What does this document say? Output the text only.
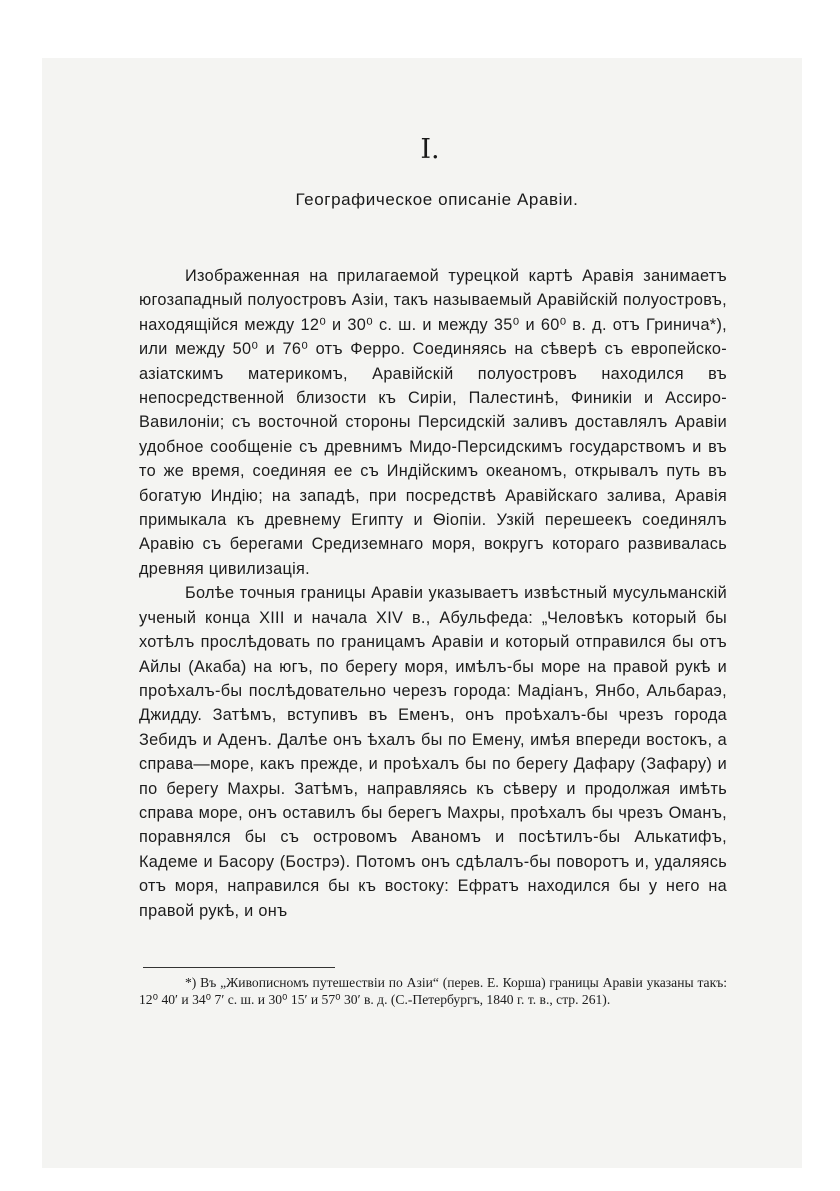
I.
Географическое описаніе Аравіи.

Изображенная на прилагаемой турецкой картѣ Аравія занимаетъ югозападный полуостровъ Азіи, такъ называемый Аравійскій полуостровъ, находящійся между 12⁰ и 30⁰ с. ш. и между 35⁰ и 60⁰ в. д. отъ Гринича*), или между 50⁰ и 76⁰ отъ Ферро. Соединяясь на сѣверѣ съ европейско-азіатскимъ материкомъ, Аравійскій полуостровъ находился въ непосредственной близости къ Сиріи, Палестинѣ, Финикіи и Ассиро-Вавилоніи; съ восточной стороны Персидскій заливъ доставлялъ Аравіи удобное сообщеніе съ древнимъ Мидо-Персидскимъ государствомъ и въ то же время, соединяя ее съ Индійскимъ океаномъ, открывалъ путь въ богатую Индію; на западѣ, при посредствѣ Аравійскаго залива, Аравія примыкала къ древнему Египту и Ѳіопіи. Узкій перешеекъ соединялъ Аравію съ берегами Средиземнаго моря, вокругъ котораго развивалась древняя цивилизація.

Болѣе точныя границы Аравіи указываетъ извѣстный мусульманскій ученый конца XIII и начала XIV в., Абульфеда: „Человѣкъ который бы хотѣлъ прослѣдовать по границамъ Аравіи и который отправился бы отъ Айлы (Акаба) на югъ, по берегу моря, имѣлъ-бы море на правой рукѣ и проѣхалъ-бы послѣдовательно черезъ города: Мадіанъ, Янбо, Альбараэ, Джидду. Затѣмъ, вступивъ въ Еменъ, онъ проѣхалъ-бы чрезъ города Зебидъ и Аденъ. Далѣе онъ ѣхалъ бы по Емену, имѣя впереди востокъ, а справа—море, какъ прежде, и проѣхалъ бы по берегу Дафару (Зафару) и по берегу Махры. Затѣмъ, направляясь къ сѣверу и продолжая имѣть справа море, онъ оставилъ бы берегъ Махры, проѣхалъ бы чрезъ Оманъ, поравнялся бы съ островомъ Аваномъ и посѣтилъ-бы Алькатифъ, Кадеме и Басору (Бострэ). Потомъ онъ сдѣлалъ-бы поворотъ и, удаляясь отъ моря, направился бы къ востоку: Ефратъ находился бы у него на правой рукѣ, и онъ

*) Въ „Живописномъ путешествіи по Азіи“ (перев. Е. Корша) границы Аравіи указаны такъ: 12⁰ 40′ и 34⁰ 7′ с. ш. и 30⁰ 15′ и 57⁰ 30′ в. д. (С.-Петербургъ, 1840 г. т. в., стр. 261).
